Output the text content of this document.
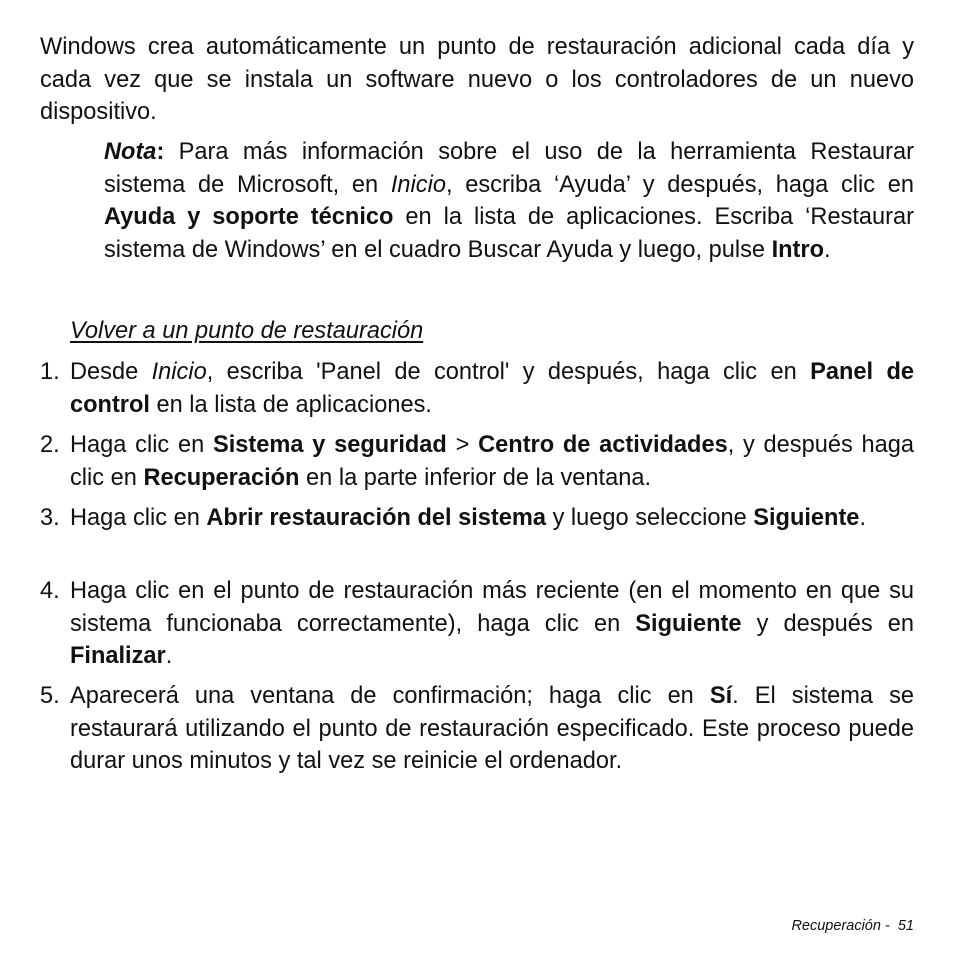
Windows crea automáticamente un punto de restauración adicional cada día y cada vez que se instala un software nuevo o los controladores de un nuevo dispositivo.

Nota: Para más información sobre el uso de la herramienta Restaurar sistema de Microsoft, en Inicio, escriba ‘Ayuda’ y después, haga clic en Ayuda y soporte técnico en la lista de aplicaciones. Escriba ‘Restaurar sistema de Windows’ en el cuadro Buscar Ayuda y luego, pulse Intro.

Volver a un punto de restauración

1. Desde Inicio, escriba 'Panel de control' y después, haga clic en Panel de control en la lista de aplicaciones.
2. Haga clic en Sistema y seguridad > Centro de actividades, y después haga clic en Recuperación en la parte inferior de la ventana.
3. Haga clic en Abrir restauración del sistema y luego seleccione Siguiente.
4. Haga clic en el punto de restauración más reciente (en el momento en que su sistema funcionaba correctamente), haga clic en Siguiente y después en Finalizar.
5. Aparecerá una ventana de confirmación; haga clic en Sí. El sistema se restaurará utilizando el punto de restauración especificado. Este proceso puede durar unos minutos y tal vez se reinicie el ordenador.
Recuperación -  51
